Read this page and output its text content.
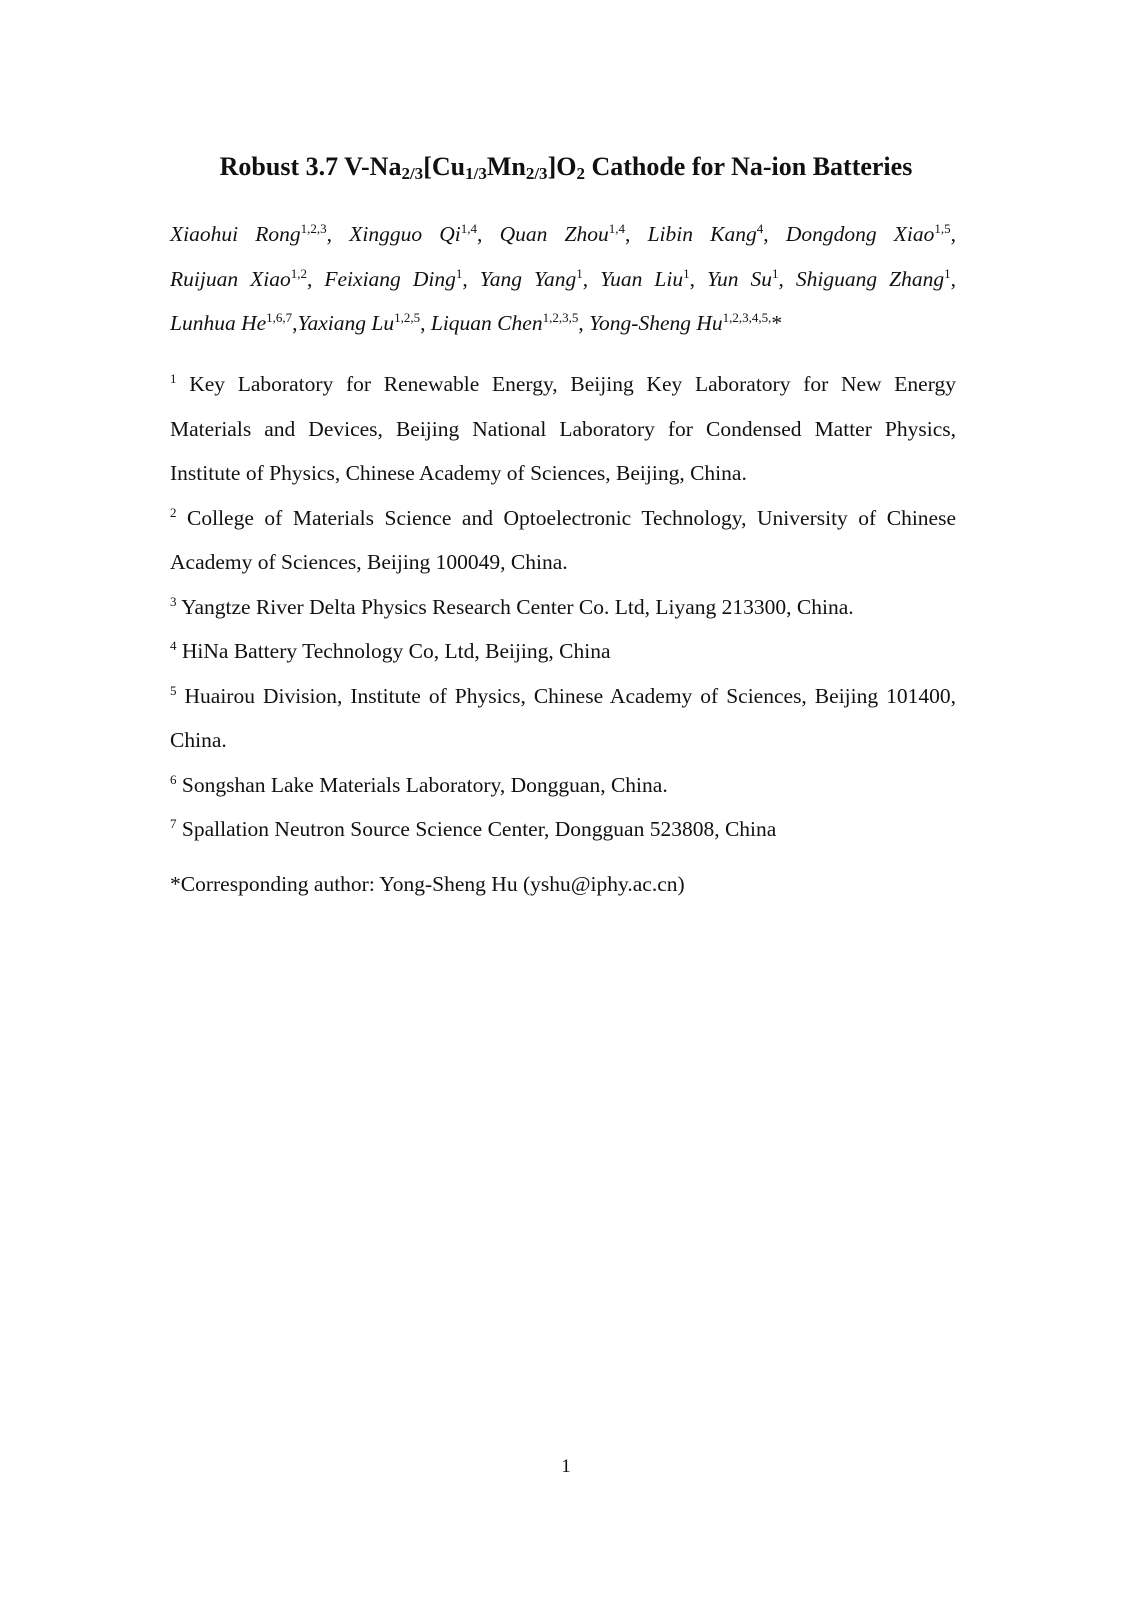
Robust 3.7 $V-Na_{2/3}[Cu_{1/3}Mn_{2/3}]O_2$ Cathode for Na-ion Batteries
Xiaohui Rong$^{1,2,3}$, Xingguo Qi$^{1,4}$, Quan Zhou$^{1,4}$, Libin Kang$^4$, Dongdong Xiao$^{1,5}$,
Ruijuan Xiao$^{1,2}$, Feixiang Ding$^1$, Yang Yang$^1$, Yuan Liu$^1$, Yun Su$^1$, Shiguang Zhang$^1$,
Lunhua He$^{1,6,7}$,Yaxiang Lu$^{1,2,5}$, Liquan Chen$^{1,2,3,5}$, Yong-Sheng $Hu^{1,2,3,4,5,}*$
$^1$ Key Laboratory for Renewable Energy, Beijing Key Laboratory for New Energy Materials and Devices, Beijing National Laboratory for Condensed Matter Physics, Institute of Physics, Chinese Academy of Sciences, Beijing, China.
$^2$ College of Materials Science and Optoelectronic Technology, University of Chinese Academy of Sciences, Beijing 100049, China.
$^3$ Yangtze River Delta Physics Research Center Co. Ltd, Liyang 213300, China.
$^4$ HiNa Battery Technology Co, Ltd, Beijing, China
$^5$ Huairou Division, Institute of Physics, Chinese Academy of Sciences, Beijing 101400, China.
$^6$ Songshan Lake Materials Laboratory, Dongguan, China.
$^7$ Spallation Neutron Source Science Center, Dongguan 523808, China
*Corresponding author: Yong-Sheng Hu (yshu@iphy.ac.cn)
1
